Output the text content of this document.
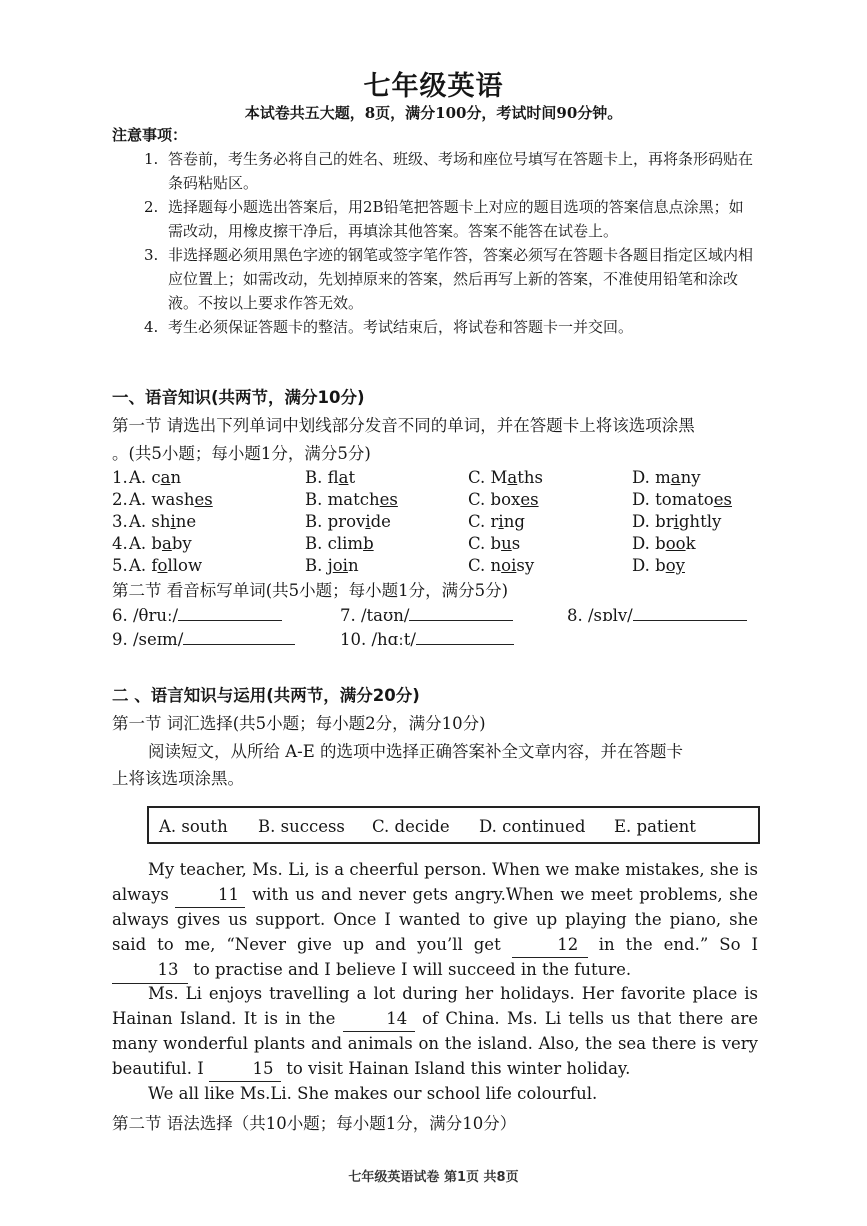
七年级英语
本试卷共五大题，8页，满分100分，考试时间90分钟。
注意事项：
1. 答卷前，考生务必将自己的姓名、班级、考场和座位号填写在答题卡上，再将条形码贴在条码粘贴区。
2. 选择题每小题选出答案后，用2B铅笔把答题卡上对应的题目选项的答案信息点涂黑；如需改动，用橡皮擦干净后，再填涂其他答案。答案不能答在试卷上。
3. 非选择题必须用黑色字迹的钢笔或签字笔作答，答案必须写在答题卡各题目指定区域内相应位置上；如需改动，先划掉原来的答案，然后再写上新的答案，不准使用铅笔和涂改液。不按以上要求作答无效。
4. 考生必须保证答题卡的整洁。考试结束后，将试卷和答题卡一并交回。
一、语音知识(共两节，满分10分)
第一节 请选出下列单词中划线部分发音不同的单词，并在答题卡上将该选项涂黑
。(共5小题；每小题1分，满分5分)
1. A. can	B. flat	C. Maths	D. many
2. A. washes	B. matches	C. boxes	D. tomatoes
3. A. shine	B. provide	C. ring	D. brightly
4. A. baby	B. climb	C. bus	D. book
5. A. follow	B. join	C. noisy	D. boy
第二节 看音标写单词(共5小题；每小题1分，满分5分)
6. /θruː/	7. /taʊn/	8. /sɒlv/
9. /seɪm/	10. /hɑːt/
二 、语言知识与运用(共两节，满分20分)
第一节 词汇选择(共5小题；每小题2分，满分10分)
阅读短文，从所给 A-E 的选项中选择正确答案补全文章内容，并在答题卡
上将该选项涂黑。
A. south B. success C. decide D. continued E. patient

My teacher, Ms. Li, is a cheerful person. When we make mistakes, she is always	11 with us and never gets angry.When we meet problems, she always gives us support. Once I wanted to give up playing the piano, she said to me, “Never give up and you’ll get	12 in the end.” So I 13 to practise and I believe I will succeed in the future.

Ms. Li enjoys travelling a lot during her holidays. Her favorite place is Hainan Island. It is in the	14 of China. Ms. Li tells us that there are many wonderful plants and animals on the island. Also, the sea there is very beautiful. I	15 to visit Hainan Island this winter holiday.

We all like Ms.Li. She makes our school life colourful.

第二节 语法选择（共10小题；每小题1分，满分10分）
七年级英语试卷 第1页 共8页
